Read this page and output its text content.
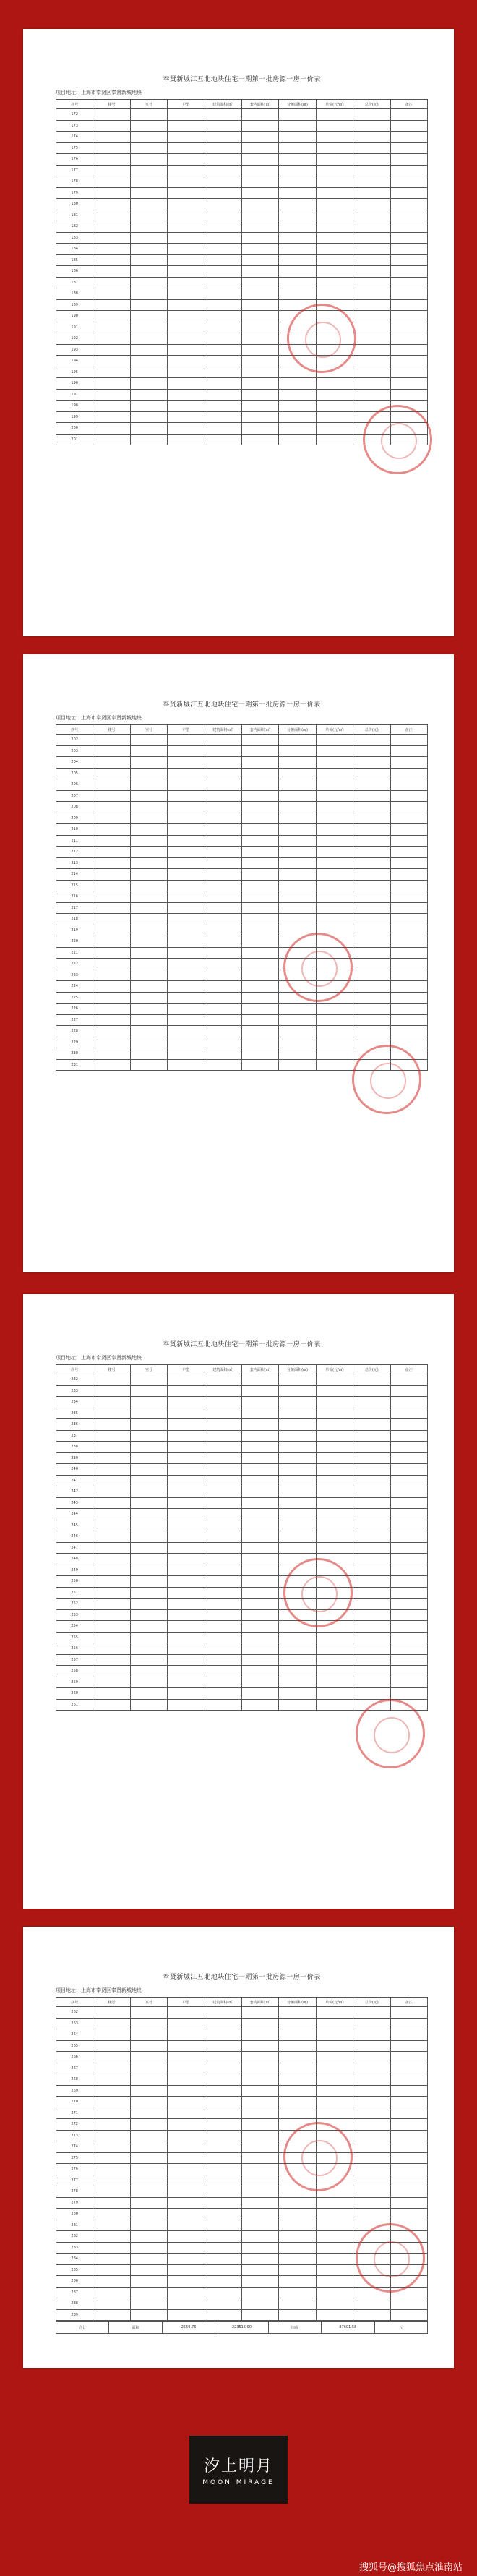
奉贤新城江五北地块住宅一期第一批房源一房一价表
项目地址：上海市奉贤区奉贤新城地块
序号	楼号	室号	户型	建筑面积(㎡)	套内面积(㎡)	分摊面积(㎡)	单价(元/㎡)	总价(元)	备注
172									
173									
174									
175									
176									
177									
178									
179									
180									
181									
182									
183									
184									
185									
186									
187									
188									
189									
190									
191									
192									
193									
194									
195									
196									
197									
198									
199									
200									
201									
奉贤新城江五北地块住宅一期第一批房源一房一价表
项目地址：上海市奉贤区奉贤新城地块
序号	楼号	室号	户型	建筑面积(㎡)	套内面积(㎡)	分摊面积(㎡)	单价(元/㎡)	总价(元)	备注
202									
203									
204									
205									
206									
207									
208									
209									
210									
211									
212									
213									
214									
215									
216									
217									
218									
219									
220									
221									
222									
223									
224									
225									
226									
227									
228									
229									
230									
231									
奉贤新城江五北地块住宅一期第一批房源一房一价表
项目地址：上海市奉贤区奉贤新城地块
序号	楼号	室号	户型	建筑面积(㎡)	套内面积(㎡)	分摊面积(㎡)	单价(元/㎡)	总价(元)	备注
232									
233									
234									
235									
236									
237									
238									
239									
240									
241									
242									
243									
244									
245									
246									
247									
248									
249									
250									
251									
252									
253									
254									
255									
256									
257									
258									
259									
260									
261									
奉贤新城江五北地块住宅一期第一批房源一房一价表
项目地址：上海市奉贤区奉贤新城地块
序号	楼号	室号	户型	建筑面积(㎡)	套内面积(㎡)	分摊面积(㎡)	单价(元/㎡)	总价(元)	备注
262									
263									
264									
265									
266									
267									
268									
269									
270									
271									
272									
273									
274									
275									
276									
277									
278									
279									
280									
281									
282									
283									
284									
285									
286									
287									
288									
289									
合计	面积	2550.76	223515.90	均价	87601.58	元
汐上明月
MOON MIRAGE
搜狐号@搜狐焦点淮南站
